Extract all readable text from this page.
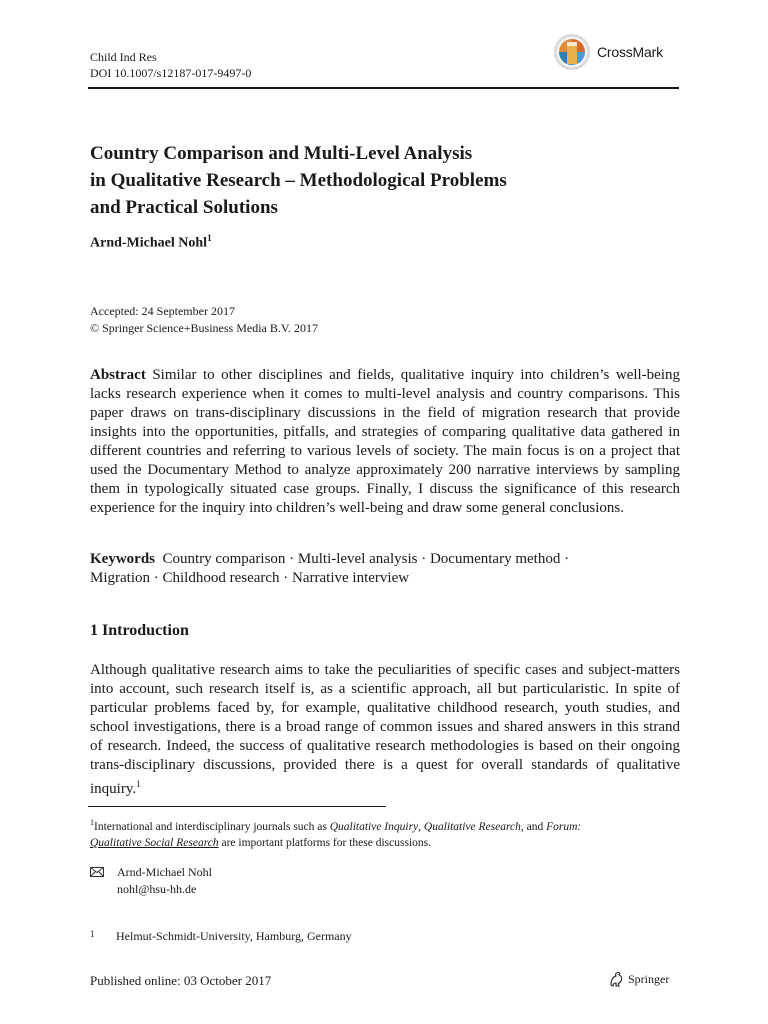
Child Ind Res
DOI 10.1007/s12187-017-9497-0
CrossMark
Country Comparison and Multi-Level Analysis
in Qualitative Research – Methodological Problems
and Practical Solutions
Arnd-Michael Nohl$^1$
Accepted: 24 September 2017
© Springer Science+Business Media B.V. 2017
Abstract Similar to other disciplines and fields, qualitative inquiry into children’s well-being lacks research experience when it comes to multi-level analysis and country comparisons. This paper draws on trans-disciplinary discussions in the field of migration research that provide insights into the opportunities, pitfalls, and strategies of comparing qualitative data gathered in different countries and referring to various levels of society. The main focus is on a project that used the Documentary Method to analyze approximately 200 narrative interviews by sampling them in typologically situated case groups. Finally, I discuss the significance of this research experience for the inquiry into children’s well-being and draw some general conclusions.
Keywords Country comparison · Multi-level analysis · Documentary method ·
Migration · Childhood research · Narrative interview
1 Introduction
Although qualitative research aims to take the peculiarities of specific cases and subject-matters into account, such research itself is, as a scientific approach, all but particularistic. In spite of particular problems faced by, for example, qualitative childhood research, youth studies, and school investigations, there is a broad range of common issues and shared answers in this strand of research. Indeed, the success of qualitative research methodologies is based on their ongoing trans-disciplinary discussions, provided there is a quest for overall standards of qualitative inquiry.$^1$
$^1$International and interdisciplinary journals such as Qualitative Inquiry, Qualitative Research, and Forum:
Qualitative Social Research are important platforms for these discussions.
Arnd-Michael Nohl
nohl@hsu-hh.de
1 Helmut-Schmidt-University, Hamburg, Germany
Published online: 03 October 2017	Springer
